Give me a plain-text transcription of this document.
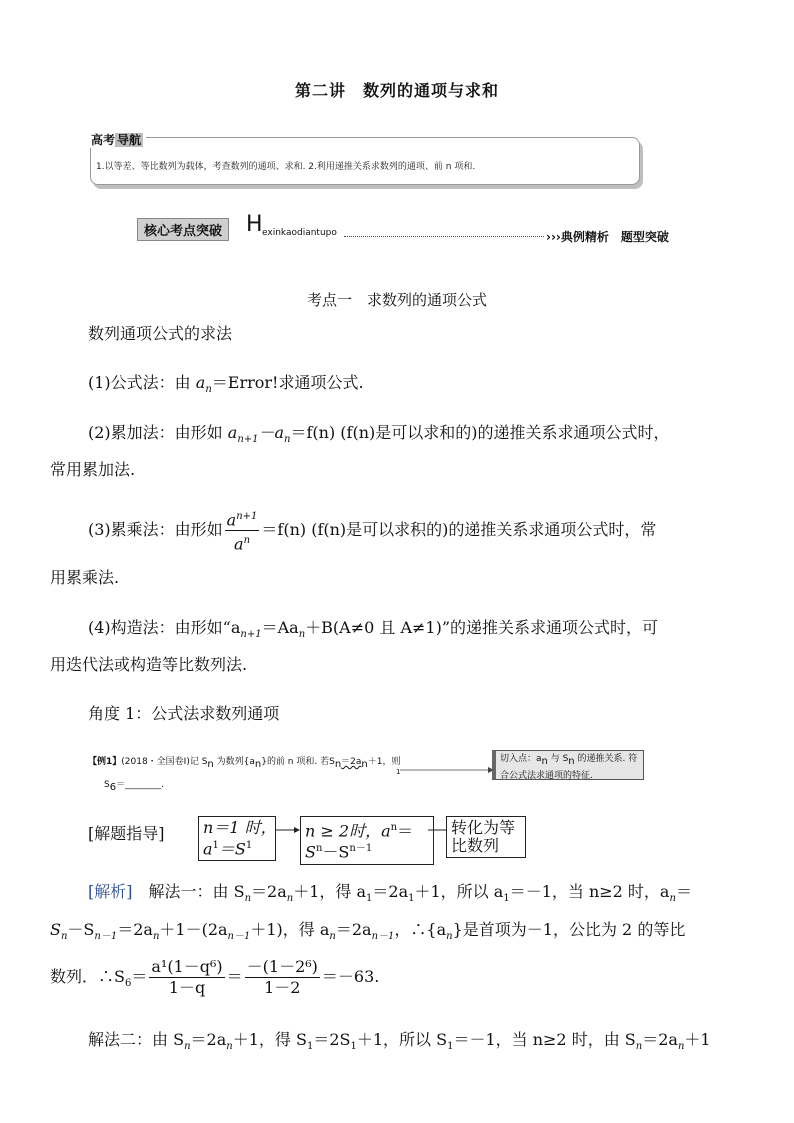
第二讲　数列的通项与求和
高考 导航
1.以等差、等比数列为载体，考查数列的通项、求和. 2.利用递推关系求数列的通项、前 n 项和.
核心考点突破	H exinkaodiantupo	›››典例精析　题型突破
考点一　求数列的通项公式
数列通项公式的求法
(1)公式法：由 $a_n=Error$!求通项公式.
(2)累加法：由形如 $a_{n+1}-a_n=f(n)$ (f(n)是可以求和的)的递推关系求通项公式时，
常用累加法.
(3)累乘法：由形如 $\frac{a^{n+1}}{a^n} =f(n)$ (f(n)是可以求积的)的递推关系求通项公式时，常
用累乘法.
(4)构造法：由形如“$a_{n+1}=Aa_n+B(A\ne 0$ 且 A≠1)”的递推关系求通项公式时，可
用迭代法或构造等比数列法.
角度 1：公式法求数列通项
【例1】(2018・全国卷Ⅰ)记 $S_n$ 为数列$\{a_n\}$的前 n 项和. 若$S_n=2a_n+1$，则
$S_6=\_\_\_\_\_\_\_\_$.
1
切入点：$a_n$ 与 $S_n$ 的递推关系. 符
合公式法求通项的特征.
[解题指导] n＝1 时，
$a^1=S^1$
n ≥ 2时，$a^n=$
$S^n-S^{n-1}$
转化为等
比数列
[解析]　解法一：由 $S_n=2a_n+1$，得 $a_1=2a_1+1$，所以 $a_1=-1$，当 n≥2 时，$a_n=$
$S_n-S_{n-1}=2a_n+1-(2a_{n-1}+1)$，得 $a_n=2a_{n-1}$，$\therefore\{a_n\}$是首项为－1，公比为 2 的等比
数列．$\therefore S_6= \frac{\text{a¹(1－q⁶)}}{1-q} = \frac{\text{－(1－2⁶)}}{1-2} =-63$.
解法二：由 $S_n=2a_n+1$，得 $S_1=2S_1+1$，所以 $S_1=-1$，当 n≥2 时，由 $S_n=2a_n+1$
